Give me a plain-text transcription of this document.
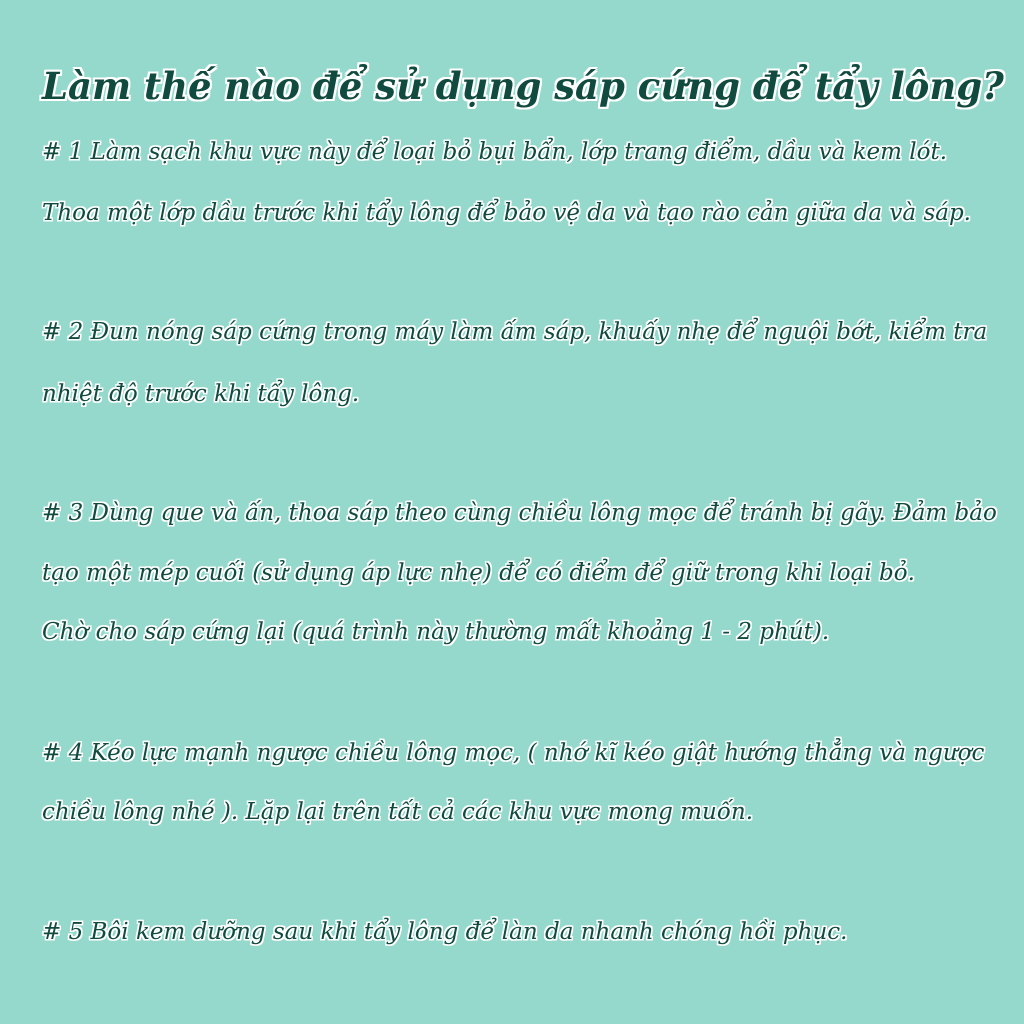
Làm thế nào để sử dụng sáp cứng để tẩy lông?

# 1 Làm sạch khu vực này để loại bỏ bụi bẩn, lớp trang điểm, dầu và kem lót.

Thoa một lớp dầu trước khi tẩy lông để bảo vệ da và tạo rào cản giữa da và sáp.

# 2 Đun nóng sáp cứng trong máy làm ấm sáp, khuấy nhẹ để nguội bớt, kiểm tra

nhiệt độ trước khi tẩy lông.

# 3 Dùng que và ấn, thoa sáp theo cùng chiều lông mọc để tránh bị gãy. Đảm bảo

tạo một mép cuối (sử dụng áp lực nhẹ) để có điểm để giữ trong khi loại bỏ.

Chờ cho sáp cứng lại (quá trình này thường mất khoảng 1 - 2 phút).

# 4 Kéo lực mạnh ngược chiều lông mọc, ( nhớ kĩ kéo giật hướng thẳng và ngược

chiều lông nhé ). Lặp lại trên tất cả các khu vực mong muốn.

# 5 Bôi kem dưỡng sau khi tẩy lông để làn da nhanh chóng hồi phục.
